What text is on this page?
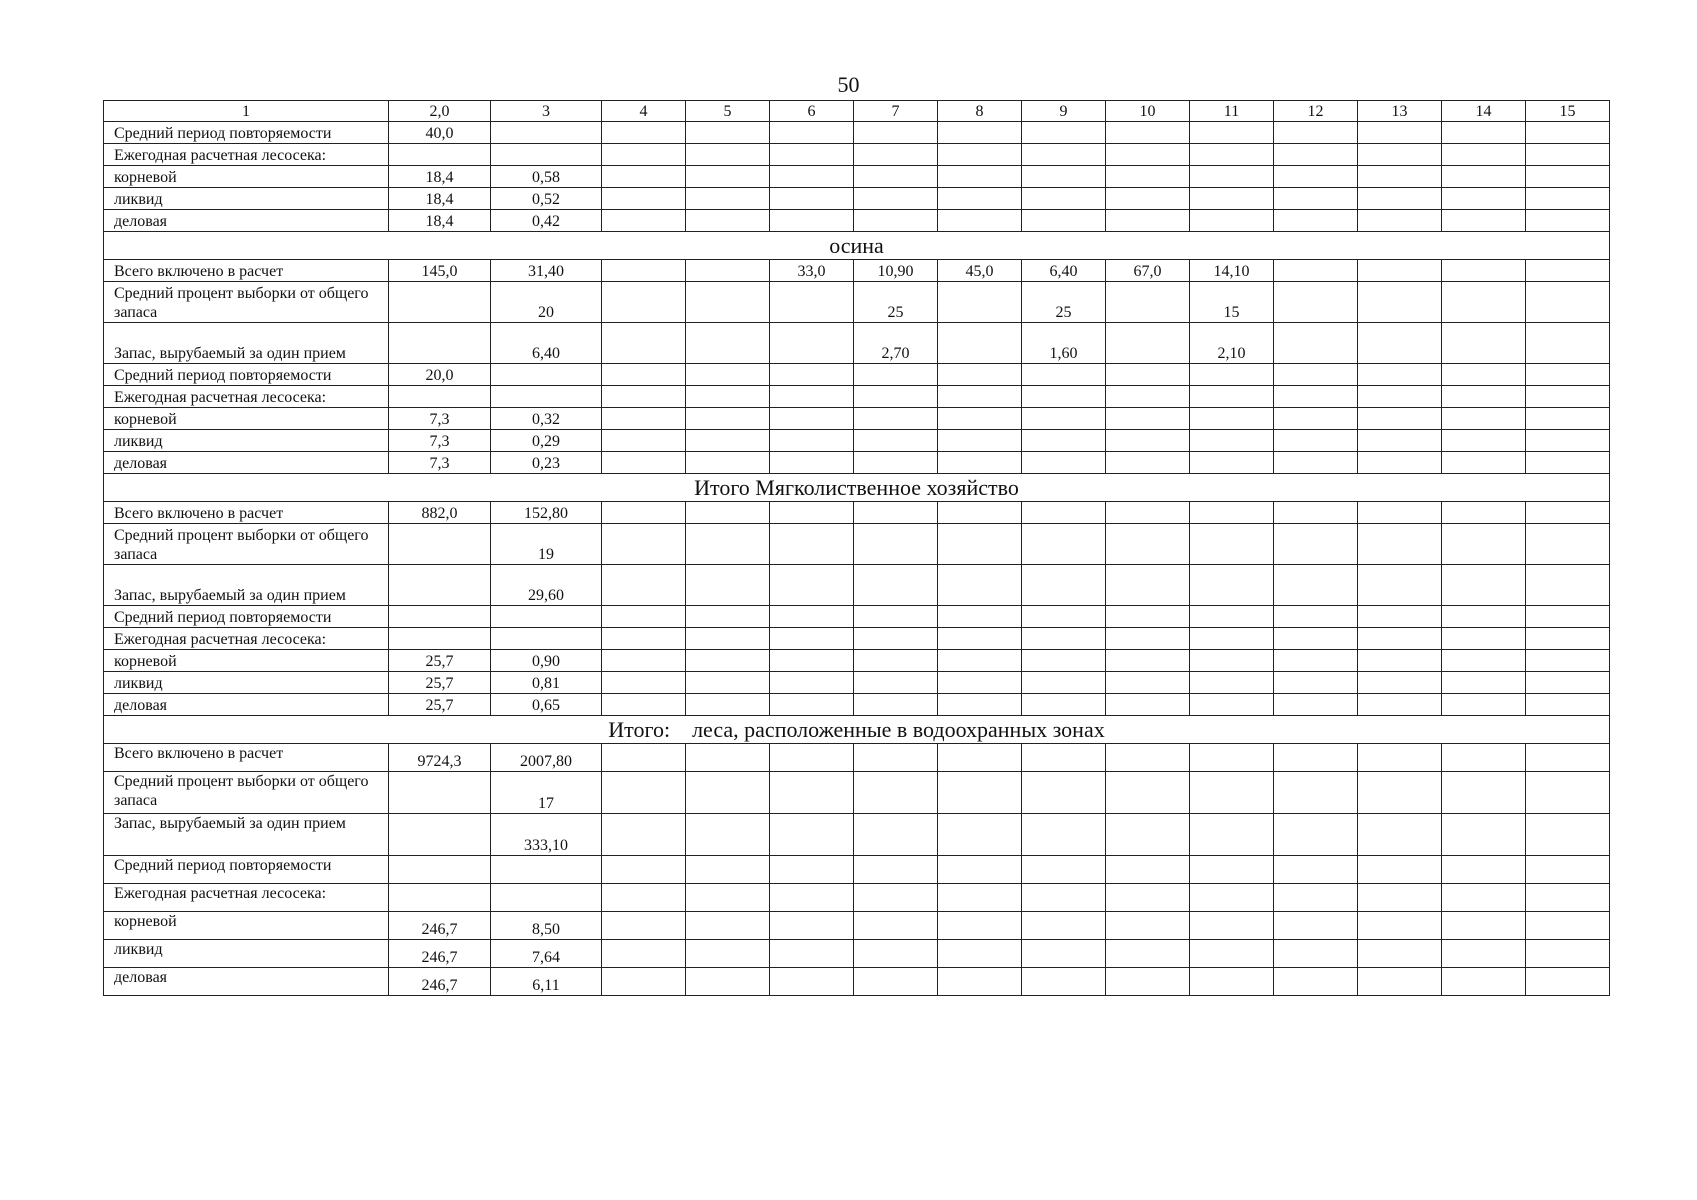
50
1	2,0	3	4	5	6	7	8	9	10	11	12	13	14	15
Средний период повторяемости	40,0													
Ежегодная расчетная лесосека:														
корневой	18,4	0,58												
ликвид	18,4	0,52												
деловая	18,4	0,42												
осина														
Всего включено в расчет	145,0	31,40			33,0	10,90	45,0	6,40	67,0	14,10				
Средний процент выборки от общего запаса		20				25		25		15				
Запас, вырубаемый за один прием		6,40				2,70		1,60		2,10				
Средний период повторяемости	20,0													
Ежегодная расчетная лесосека:														
корневой	7,3	0,32												
ликвид	7,3	0,29												
деловая	7,3	0,23												
Итого Мягколиственное хозяйство														
Всего включено в расчет	882,0	152,80												
Средний процент выборки от общего запаса		19												
Запас, вырубаемый за один прием		29,60												
Средний период повторяемости														
Ежегодная расчетная лесосека:														
корневой	25,7	0,90												
ликвид	25,7	0,81												
деловая	25,7	0,65												
Итого:    леса, расположенные в водоохранных зонах														
Всего включено в расчет	9724,3	2007,80												
Средний процент выборки от общего запаса		17												
Запас, вырубаемый за один прием		333,10												
Средний период повторяемости														
Ежегодная расчетная лесосека:														
корневой	246,7	8,50												
ликвид	246,7	7,64												
деловая	246,7	6,11												
